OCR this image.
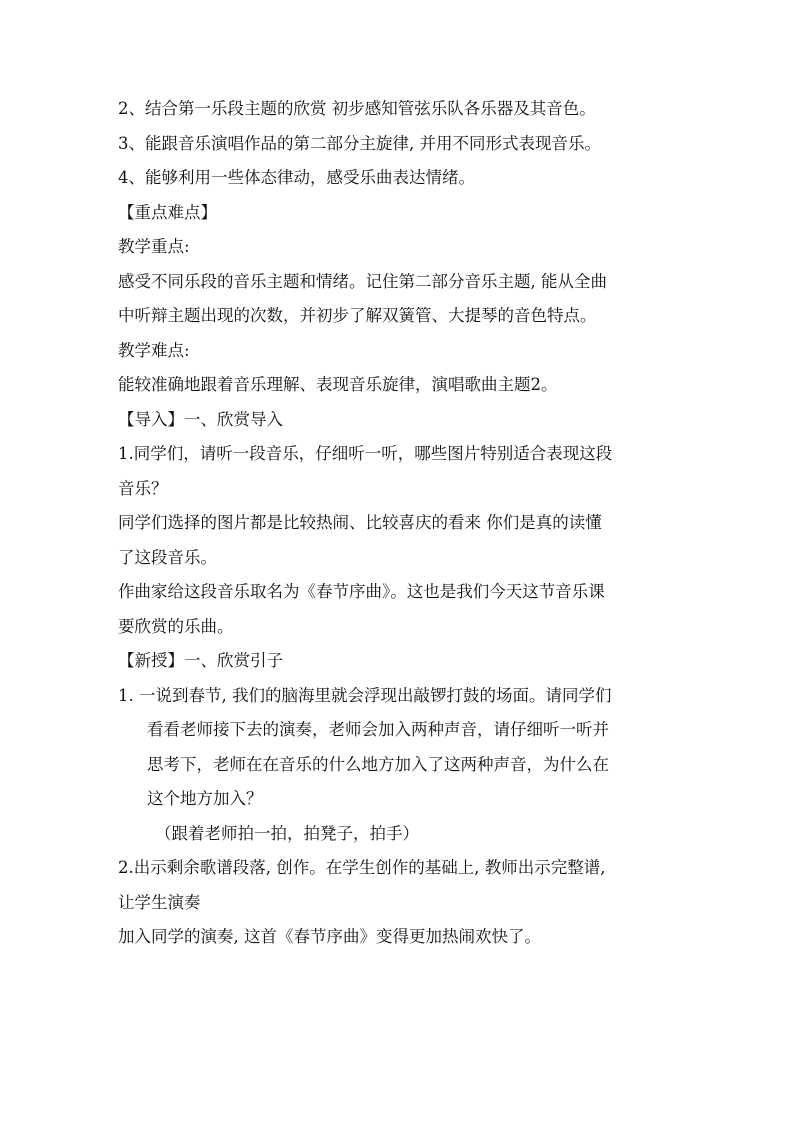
2、结合第一乐段主题的欣赏 初步感知管弦乐队各乐器及其音色。
3、能跟音乐演唱作品的第二部分主旋律, 并用不同形式表现音乐。
4、能够利用一些体态律动，感受乐曲表达情绪。
【重点难点】
教学重点:
感受不同乐段的音乐主题和情绪。记住第二部分音乐主题, 能从全曲
中听辩主题出现的次数，并初步了解双簧管、大提琴的音色特点。
教学难点:
能较准确地跟着音乐理解、表现音乐旋律，演唱歌曲主题2。
【导入】一、欣赏导入
1.同学们，请听一段音乐，仔细听一听，哪些图片特别适合表现这段
音乐？
同学们选择的图片都是比较热闹、比较喜庆的看来 你们是真的读懂
了这段音乐。
作曲家给这段音乐取名为《春节序曲》。这也是我们今天这节音乐课
要欣赏的乐曲。
【新授】一、欣赏引子
1. 一说到春节, 我们的脑海里就会浮现出敲锣打鼓的场面。请同学们
看看老师接下去的演奏，老师会加入两种声音，请仔细听一听并
思考下，老师在在音乐的什么地方加入了这两种声音，为什么在
这个地方加入？
（跟着老师拍一拍，拍凳子，拍手）
2.出示剩余歌谱段落, 创作。在学生创作的基础上, 教师出示完整谱,
让学生演奏
加入同学的演奏, 这首《春节序曲》变得更加热闹欢快了。
